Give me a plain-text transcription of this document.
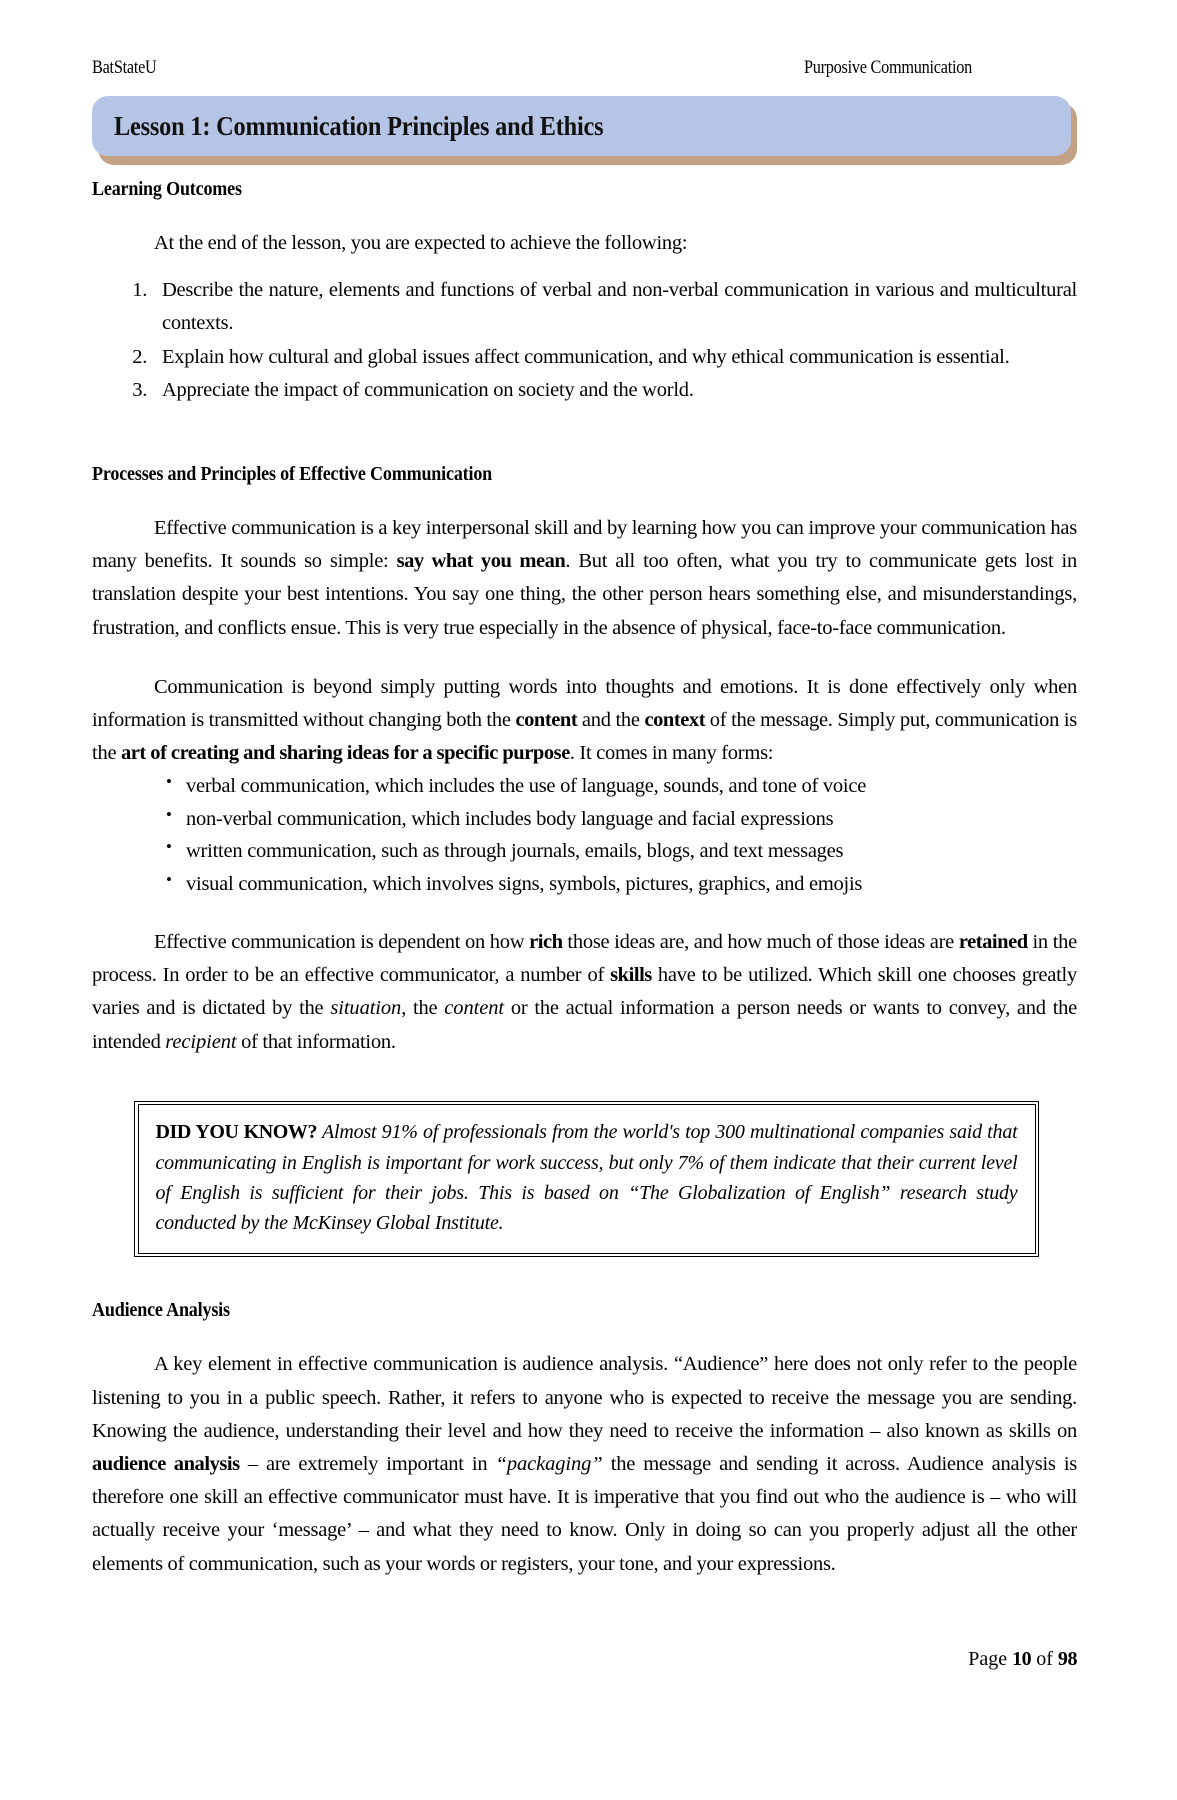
BatStateU	Purposive Communication
Lesson 1: Communication Principles and Ethics
Learning Outcomes

At the end of the lesson, you are expected to achieve the following:

1. Describe the nature, elements and functions of verbal and non-verbal communication in various and multicultural contexts.
2. Explain how cultural and global issues affect communication, and why ethical communication is essential.
3. Appreciate the impact of communication on society and the world.
Processes and Principles of Effective Communication

Effective communication is a key interpersonal skill and by learning how you can improve your communication has many benefits. It sounds so simple: say what you mean. But all too often, what you try to communicate gets lost in translation despite your best intentions. You say one thing, the other person hears something else, and misunderstandings, frustration, and conflicts ensue. This is very true especially in the absence of physical, face-to-face communication.

Communication is beyond simply putting words into thoughts and emotions. It is done effectively only when information is transmitted without changing both the content and the context of the message. Simply put, communication is the art of creating and sharing ideas for a specific purpose. It comes in many forms:

• verbal communication, which includes the use of language, sounds, and tone of voice
• non-verbal communication, which includes body language and facial expressions
• written communication, such as through journals, emails, blogs, and text messages
• visual communication, which involves signs, symbols, pictures, graphics, and emojis

Effective communication is dependent on how rich those ideas are, and how much of those ideas are retained in the process. In order to be an effective communicator, a number of skills have to be utilized. Which skill one chooses greatly varies and is dictated by the situation, the content or the actual information a person needs or wants to convey, and the intended recipient of that information.

DID YOU KNOW? Almost 91% of professionals from the world's top 300 multinational companies said that communicating in English is important for work success, but only 7% of them indicate that their current level of English is sufficient for their jobs. This is based on “The Globalization of English” research study conducted by the McKinsey Global Institute.

Audience Analysis

A key element in effective communication is audience analysis. “Audience” here does not only refer to the people listening to you in a public speech. Rather, it refers to anyone who is expected to receive the message you are sending. Knowing the audience, understanding their level and how they need to receive the information – also known as skills on audience analysis – are extremely important in “packaging” the message and sending it across. Audience analysis is therefore one skill an effective communicator must have. It is imperative that you find out who the audience is – who will actually receive your ‘message’ – and what they need to know. Only in doing so can you properly adjust all the other elements of communication, such as your words or registers, your tone, and your expressions.

Page 10 of 98
